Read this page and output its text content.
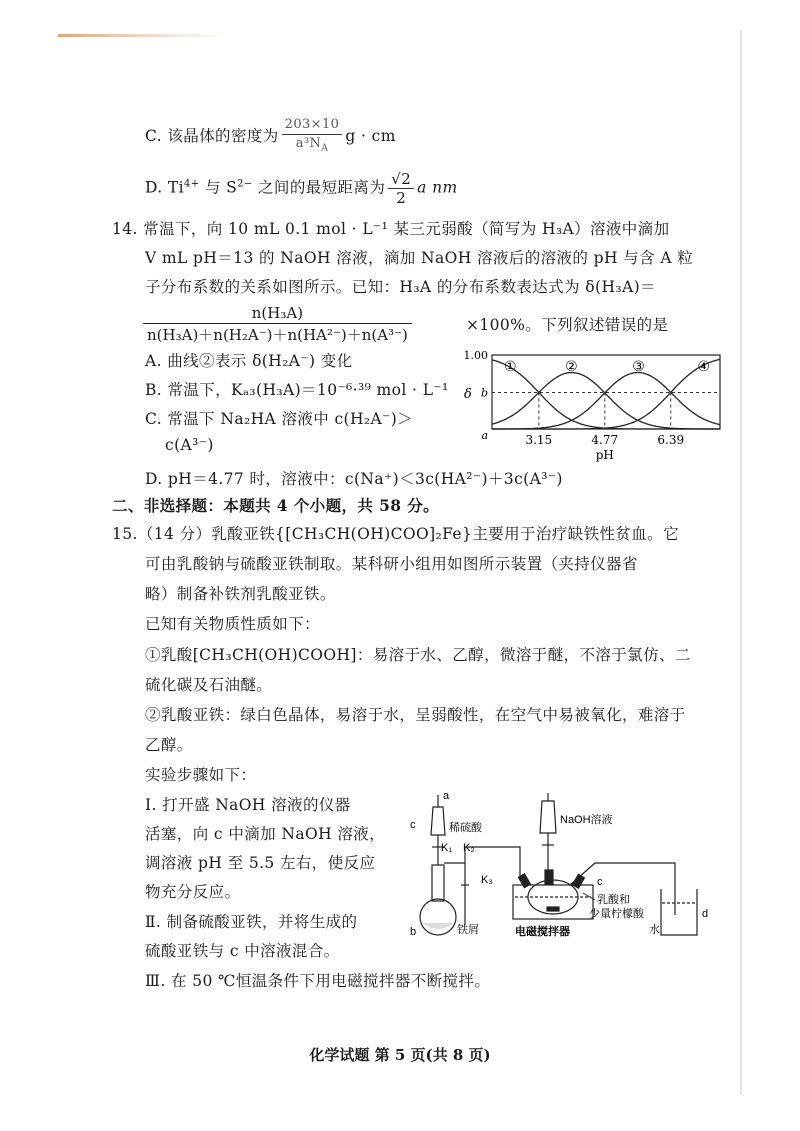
C. 该晶体的密度为 $\frac{203\times 10}{a^3N_A}$ g · cm
D. $Ti^{4+}$ 与 $S^{2-}$ 之间的最短距离为 $\frac{√2}{2}$ a nm
14. 常温下，向 10 mL 0.1 mol · L⁻¹ 某三元弱酸（简写为 H₃A）溶液中滴加
V mL pH＝13 的 NaOH 溶液，滴加 NaOH 溶液后的溶液的 pH 与含 A 粒
子分布系数的关系如图所示。已知：H₃A 的分布系数表达式为 δ(H₃A)＝
$\frac{\text{n(H₃A)}}{\text{n(H₃A)＋n(H₂A⁻)＋n(HA²⁻)＋n(A³⁻)}}$	×100%。下列叙述错误的是
A. 曲线②表示 δ(H₂A⁻) 变化
B. 常温下，Kₐ₃(H₃A)＝10⁻⁶·³⁹ mol · L⁻¹
C. 常温下 Na₂HA 溶液中 c(H₂A⁻)＞
c(A³⁻)
D. pH＝4.77 时，溶液中：c(Na⁺)＜3c(HA²⁻)＋3c(A³⁻)
①	②	③	④
1.00
b
a
δ
3.15	4.77	6.39
pH
二、非选择题：本题共 4 个小题，共 58 分。
15.（14 分）乳酸亚铁{[CH₃CH(OH)COO]₂Fe}主要用于治疗缺铁性贫血。它
可由乳酸钠与硫酸亚铁制取。某科研小组用如图所示装置（夹持仪器省
略）制备补铁剂乳酸亚铁。
已知有关物质性质如下：
①乳酸[CH₃CH(OH)COOH]：易溶于水、乙醇，微溶于醚，不溶于氯仿、二
硫化碳及石油醚。
②乳酸亚铁：绿白色晶体，易溶于水，呈弱酸性，在空气中易被氧化，难溶于
乙醇。
实验步骤如下：
Ⅰ. 打开盛 NaOH 溶液的仪器
活塞，向 c 中滴加 NaOH 溶液，
调溶液 pH 至 5.5 左右，使反应
物充分反应。
Ⅱ. 制备硫酸亚铁，并将生成的
硫酸亚铁与 c 中溶液混合。
Ⅲ. 在 50 ℃恒温条件下用电磁搅拌器不断搅拌。
a
c	稀硫酸
K₁ K₂
K₃
b	铁屑
NaOH溶液
c
乳酸和
少量柠檬酸
电磁搅拌器
d
水
化学试题 第 5 页(共 8 页)
